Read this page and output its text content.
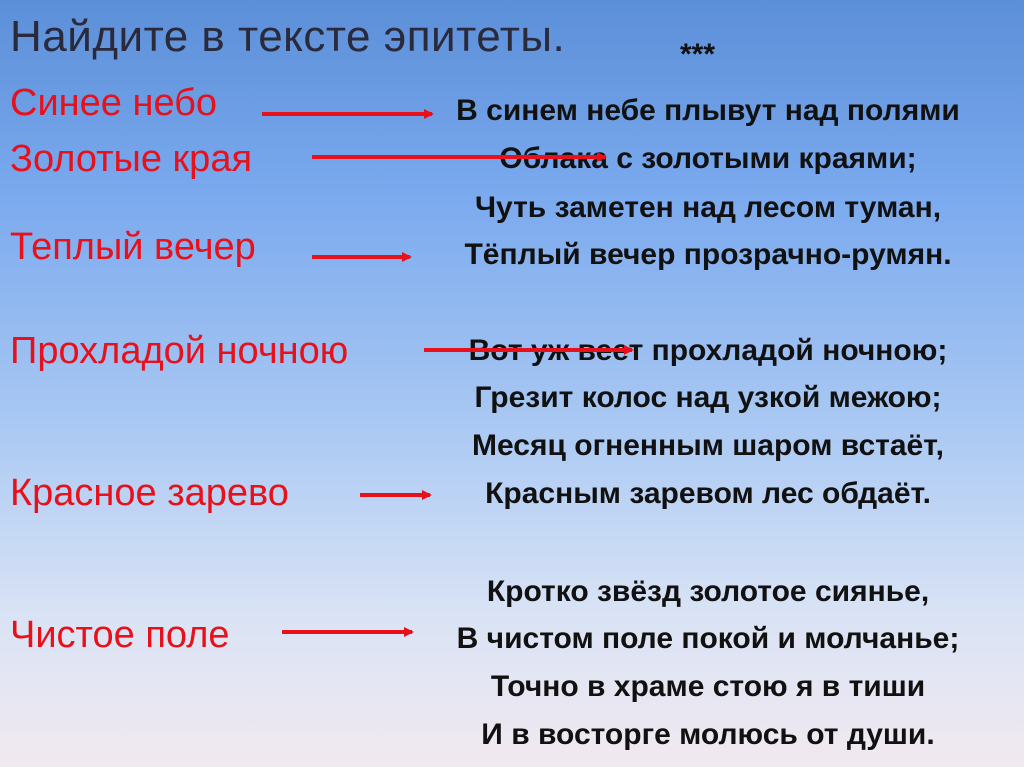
Найдите в тексте эпитеты.	***
Синее небо
Золотые края
Теплый вечер
Прохладой ночною
Красное зарево
Чистое поле
В синем небе плывут над полями
Облака с золотыми краями;
Чуть заметен над лесом туман,
Тёплый вечер прозрачно-румян.
Вот уж веет прохладой ночною;
Грезит колос над узкой межою;
Месяц огненным шаром встаёт,
Красным заревом лес обдаёт.
Кротко звёзд золотое сиянье,
В чистом поле покой и молчанье;
Точно в храме стою я в тиши
И в восторге молюсь от души.
